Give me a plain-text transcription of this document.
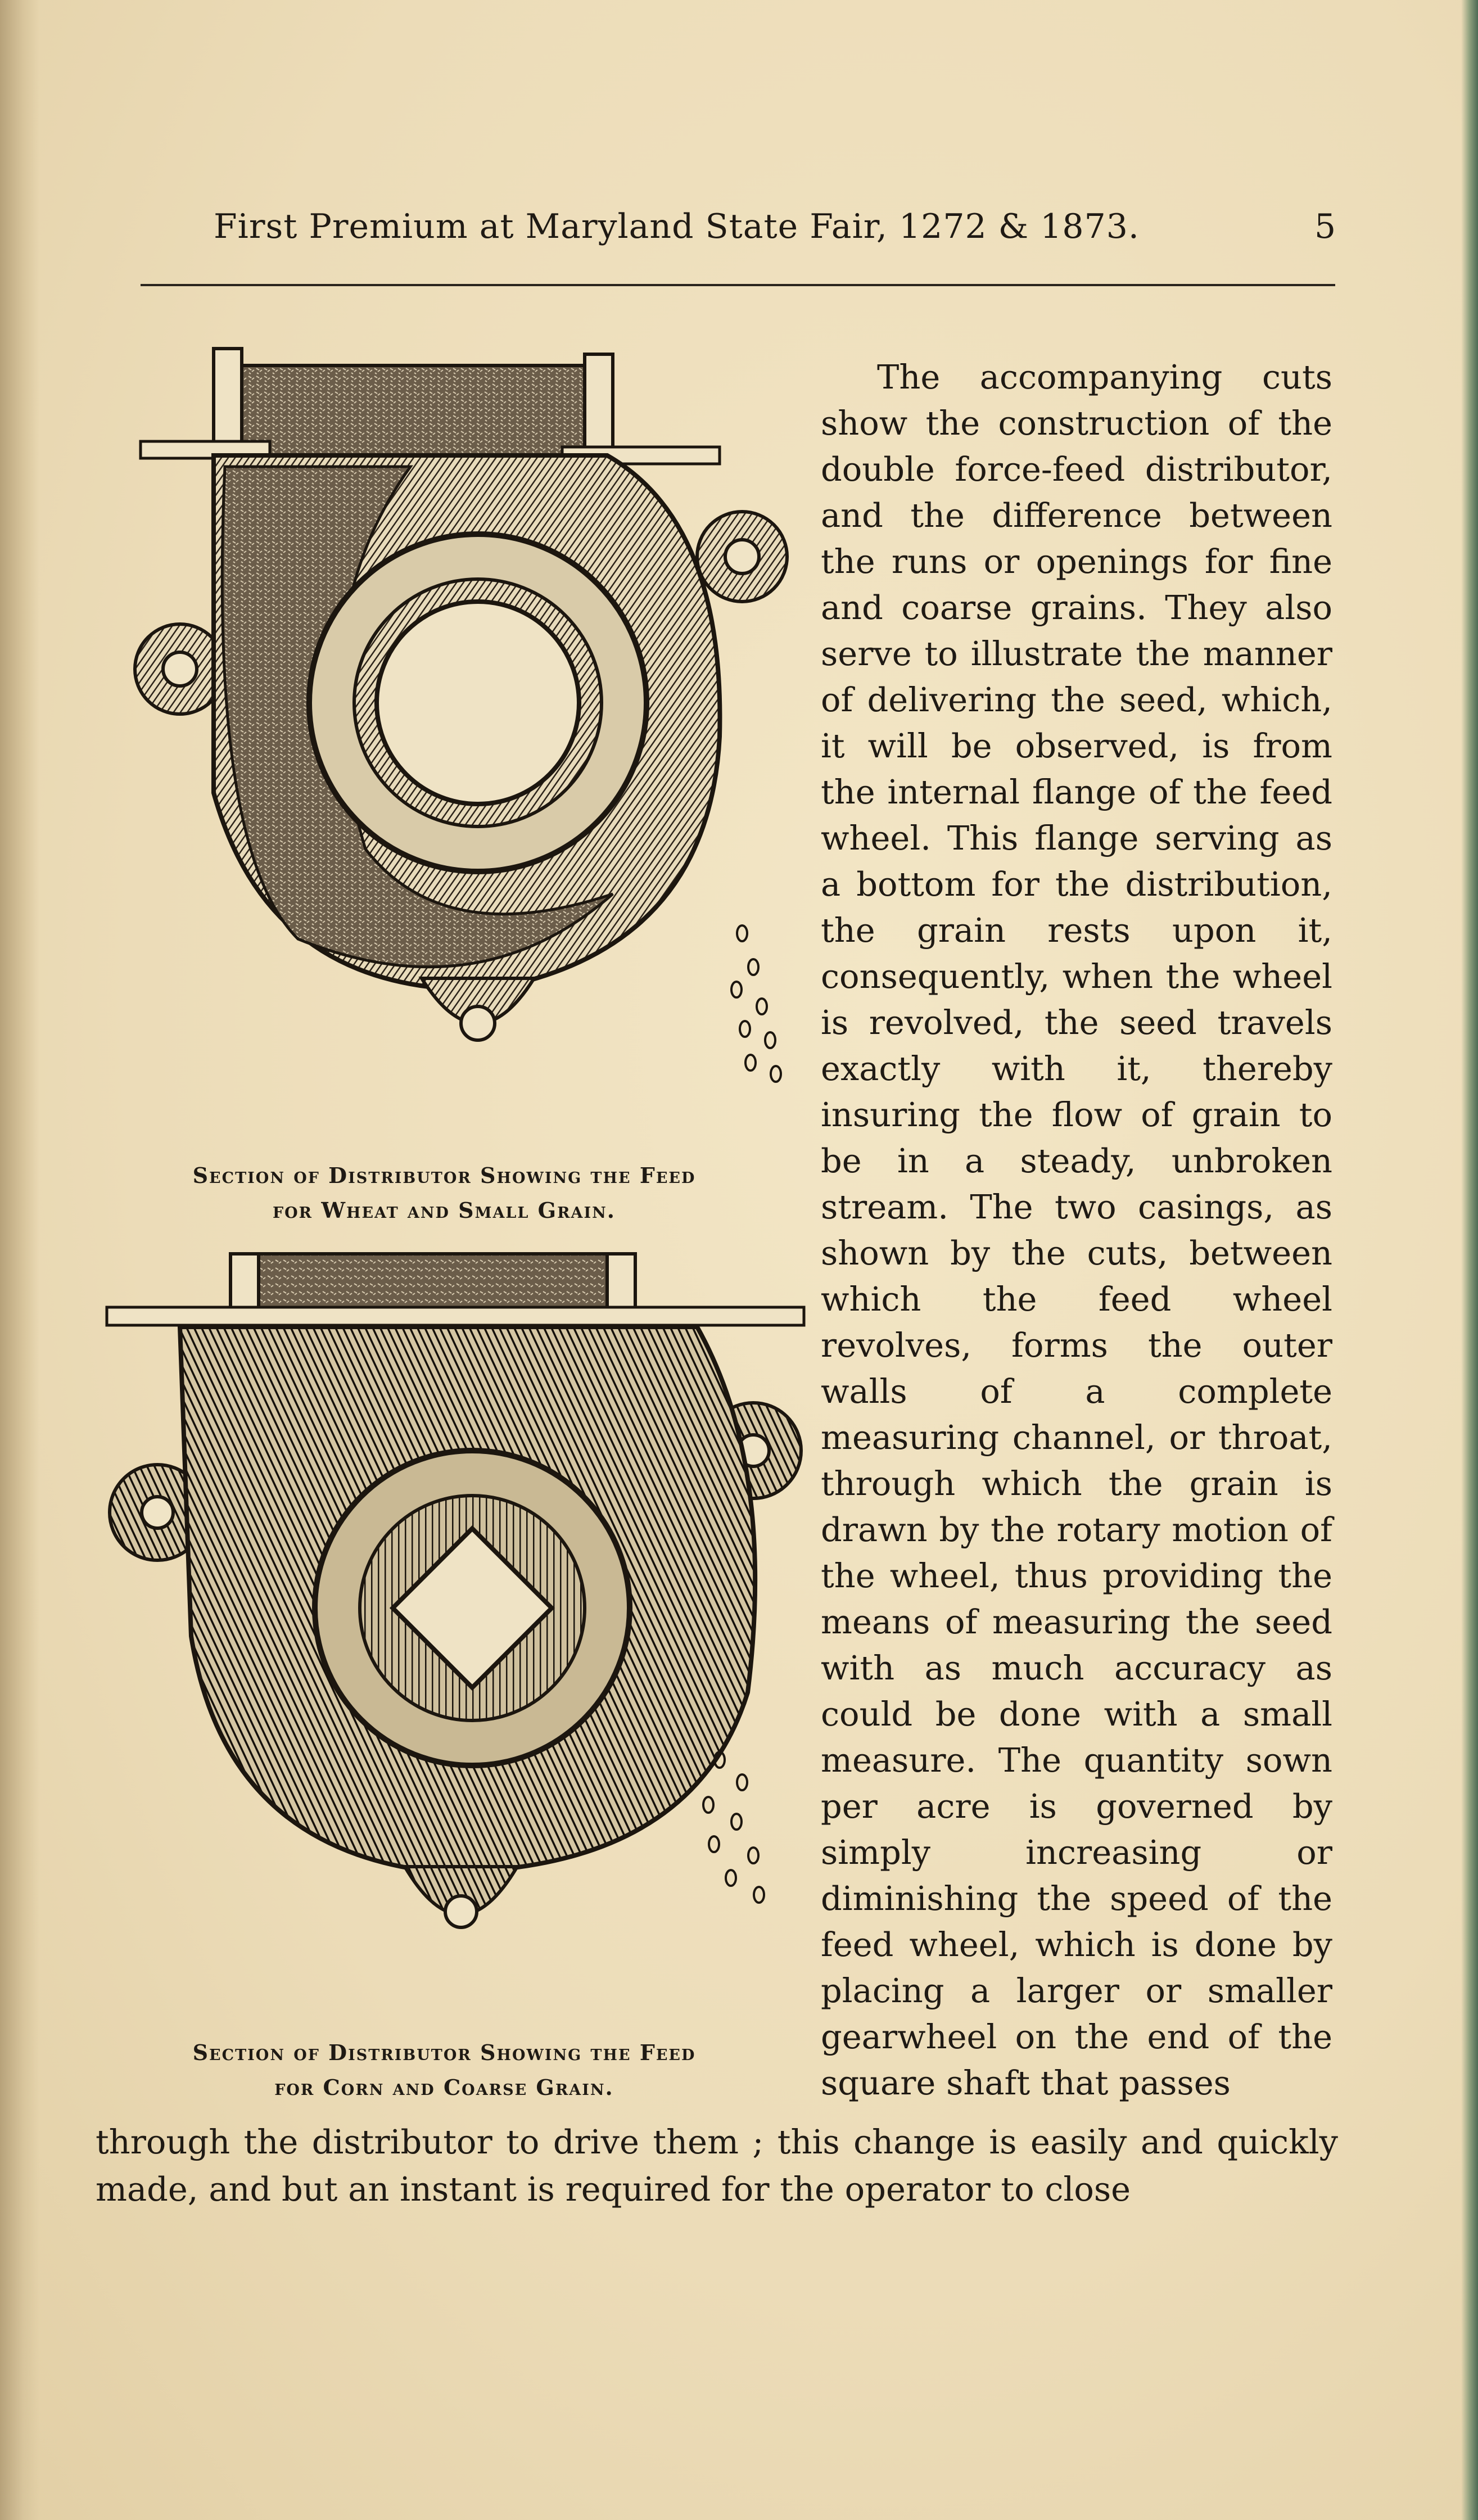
First Premium at Maryland State Fair, 1272 & 1873.	5
Section of Distributor Showing the Feed
for Wheat and Small Grain.
Section of Distributor Showing the Feed
for Corn and Coarse Grain.

The accompanying cuts show the construction of the double force-feed distributor, and the difference between the runs or openings for fine and coarse grains. They also serve to illustrate the manner of delivering the seed, which, it will be observed, is from the internal flange of the feed wheel. This flange serving as a bottom for the distribution, the grain rests upon it, consequently, when the wheel is revolved, the seed travels exactly with it, thereby insuring the flow of grain to be in a steady, unbroken stream. The two casings, as shown by the cuts, between which the feed wheel revolves, forms the outer walls of a complete measuring channel, or throat, through which the grain is drawn by the rotary motion of the wheel, thus providing the means of measuring the seed with as much accuracy as could be done with a small measure. The quantity sown per acre is governed by simply increasing or diminishing the speed of the feed wheel, which is done by placing a larger or smaller gearwheel on the end of the square shaft that passes

through the distributor to drive them ; this change is easily and quickly made, and but an instant is required for the operator to close
